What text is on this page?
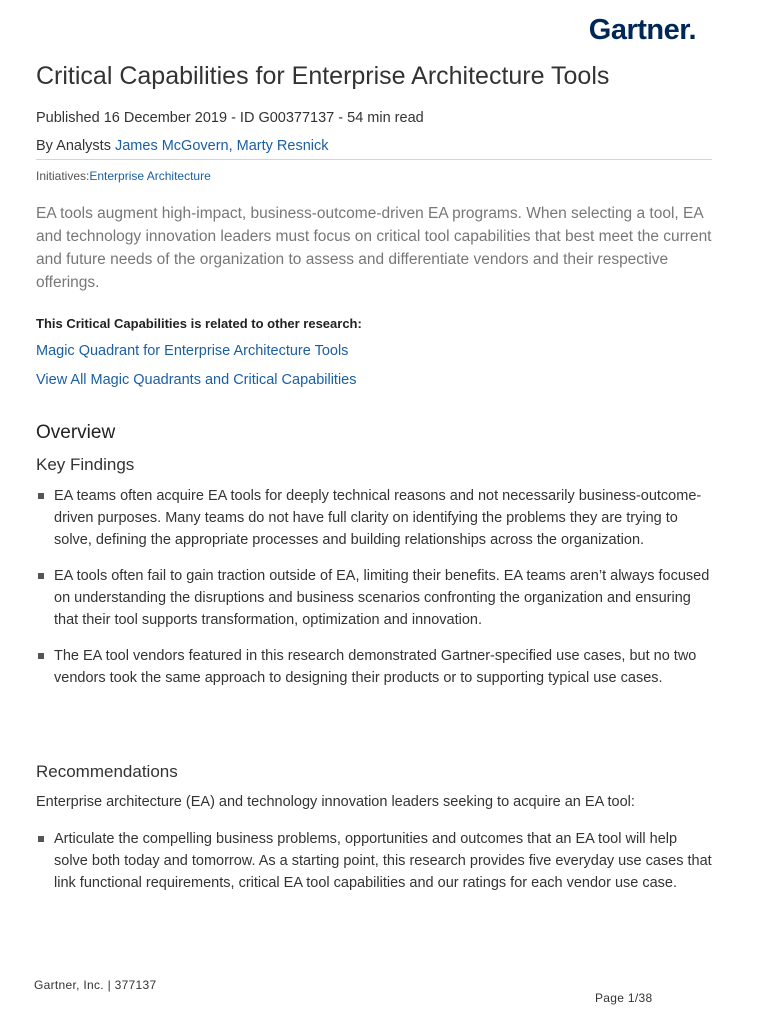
Gartner.
Critical Capabilities for Enterprise Architecture Tools
Published 16 December 2019 - ID G00377137 - 54 min read
By Analysts James McGovern, Marty Resnick
Initiatives:Enterprise Architecture

EA tools augment high-impact, business-outcome-driven EA programs. When selecting a tool, EA and technology innovation leaders must focus on critical tool capabilities that best meet the current and future needs of the organization to assess and differentiate vendors and their respective offerings.

This Critical Capabilities is related to other research:
Magic Quadrant for Enterprise Architecture Tools
View All Magic Quadrants and Critical Capabilities
Overview
Key Findings
EA teams often acquire EA tools for deeply technical reasons and not necessarily business-outcome-driven purposes. Many teams do not have full clarity on identifying the problems they are trying to solve, defining the appropriate processes and building relationships across the organization.
EA tools often fail to gain traction outside of EA, limiting their benefits. EA teams aren’t always focused on understanding the disruptions and business scenarios confronting the organization and ensuring that their tool supports transformation, optimization and innovation.
The EA tool vendors featured in this research demonstrated Gartner-specified use cases, but no two vendors took the same approach to designing their products or to supporting typical use cases.
Recommendations
Enterprise architecture (EA) and technology innovation leaders seeking to acquire an EA tool:
Articulate the compelling business problems, opportunities and outcomes that an EA tool will help solve both today and tomorrow. As a starting point, this research provides five everyday use cases that link functional requirements, critical EA tool capabilities and our ratings for each vendor use case.
Gartner, Inc. | 377137
Page 1/38
